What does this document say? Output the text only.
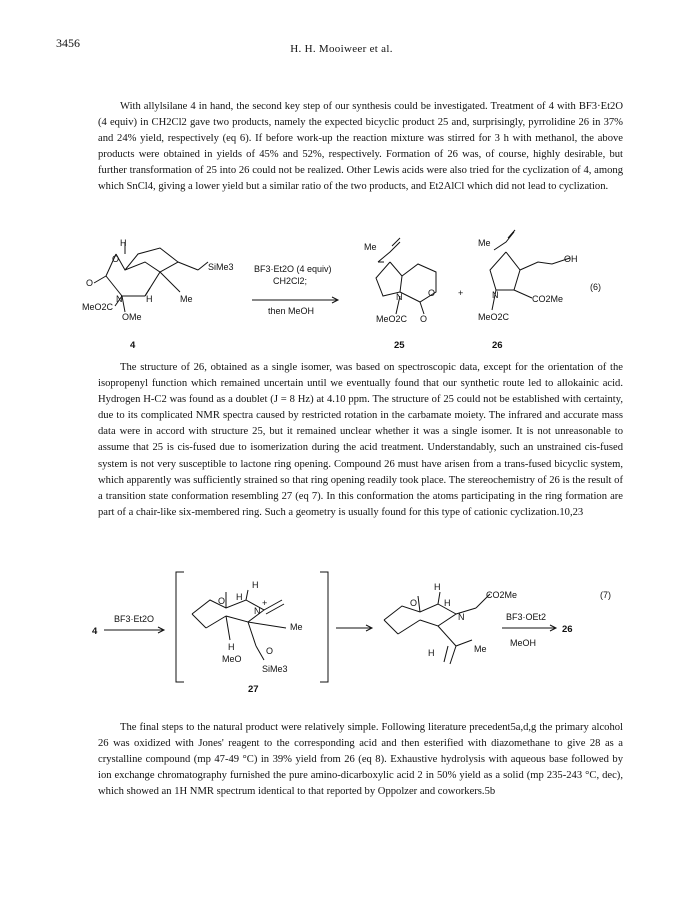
3456	H. H. Mooiweer et al.

With allylsilane 4 in hand, the second key step of our synthesis could be investigated. Treatment of 4 with BF3·Et2O (4 equiv) in CH2Cl2 gave two products, namely the expected bicyclic product 25 and, surprisingly, pyrrolidine 26 in 37% and 24% yield, respectively (eq 6). If before work-up the reaction mixture was stirred for 3 h with methanol, the above products were obtained in yields of 45% and 52%, respectively. Formation of 26 was, of course, highly desirable, but further transformation of 25 into 26 could not be realized. Other Lewis acids were also tried for the cyclization of 4, among which SnCl4, giving a lower yield but a similar ratio of the two products, and Et2AlCl which did not lead to cyclization.

H
O
O
N	H	Me
MeO2C
OMe
SiMe3
4
BF3·Et2O (4 equiv)
CH2Cl2;
then MeOH
Me
N	O
MeO2C O
25
+
Me
OH
N	CO2Me
MeO2C
(6)
26
4
BF3·Et2O
H
O H
N
+
Me
H
MeO
O
SiMe3
27
H
O	H
CO2Me
N
H	Me
BF3·OEt2
MeOH
26
(7)

The structure of 26, obtained as a single isomer, was based on spectroscopic data, except for the orientation of the isopropenyl function which remained uncertain until we eventually found that our synthetic route led to allokainic acid. Hydrogen H-C2 was found as a doublet (J = 8 Hz) at 4.10 ppm. The structure of 25 could not be established with certainty, due to its complicated NMR spectra caused by restricted rotation in the carbamate moiety. The infrared and accurate mass data were in accord with structure 25, but it remained unclear whether it was a single isomer. It is not unreasonable to assume that 25 is cis-fused due to isomerization during the acid treatment. Understandably, such an unstrained cis-fused system is not very susceptible to lactone ring opening. Compound 26 must have arisen from a trans-fused bicyclic system, which apparently was sufficiently strained so that ring opening readily took place. The stereochemistry of 26 is the result of a transition state conformation resembling 27 (eq 7). In this conformation the atoms participating in the ring formation are part of a chair-like six-membered ring. Such a geometry is usually found for this type of cationic cyclization.10,23

The final steps to the natural product were relatively simple. Following literature precedent5a,d,g the primary alcohol 26 was oxidized with Jones' reagent to the corresponding acid and then esterified with diazomethane to give 28 as a crystalline compound (mp 47-49 °C) in 39% yield from 26 (eq 8). Exhaustive hydrolysis with aqueous base followed by ion exchange chromatography furnished the pure amino-dicarboxylic acid 2 in 50% yield as a solid (mp 235-243 °C, dec), which showed an 1H NMR spectrum identical to that reported by Oppolzer and coworkers.5b
